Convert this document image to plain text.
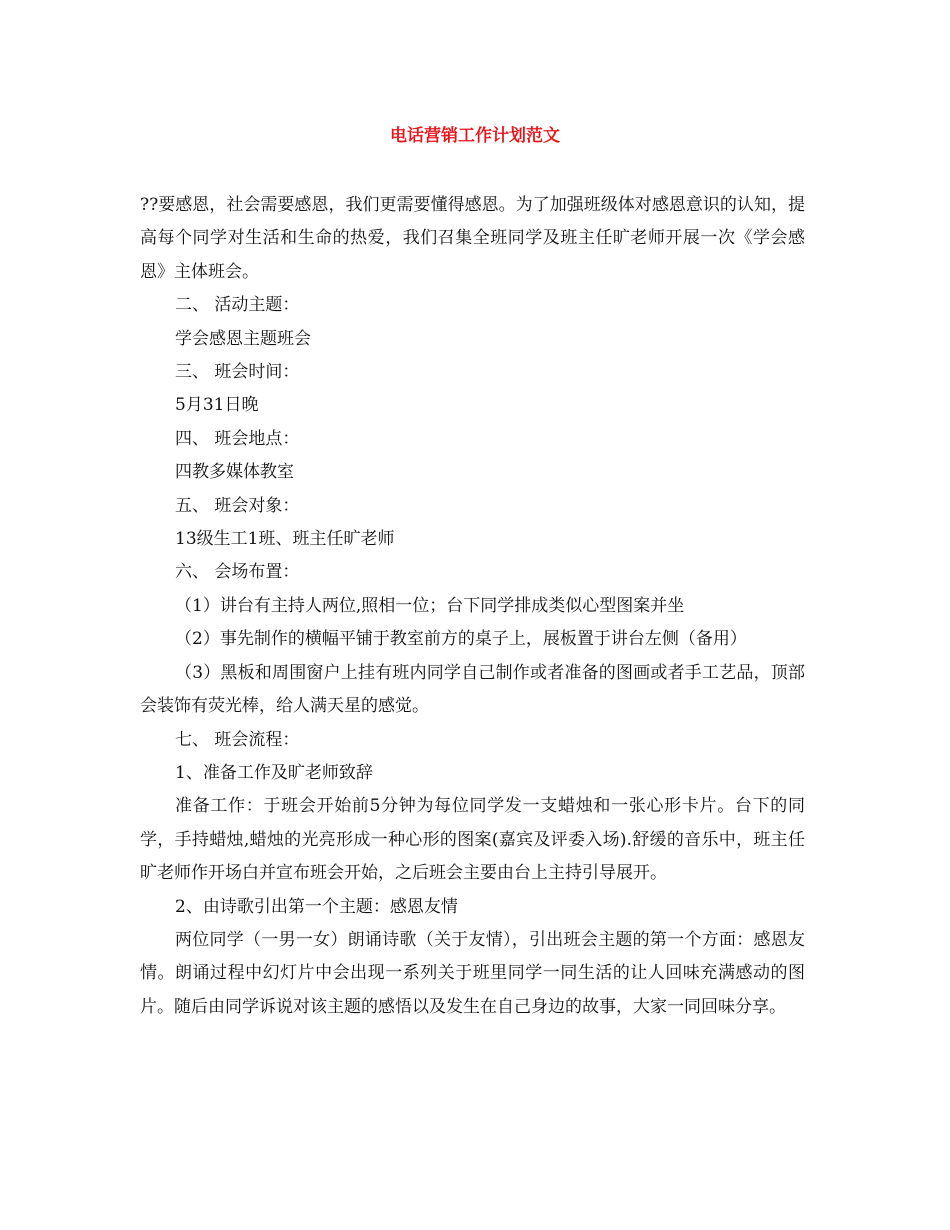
电话营销工作计划范文

??要感恩，社会需要感恩，我们更需要懂得感恩。为了加强班级体对感恩意识的认知，提高每个同学对生活和生命的热爱，我们召集全班同学及班主任旷老师开展一次《学会感恩》主体班会。

二、 活动主题：

学会感恩主题班会

三、 班会时间：

5月31日晚

四、 班会地点：

四教多媒体教室

五、 班会对象：

13级生工1班、班主任旷老师

六、 会场布置：

（1）讲台有主持人两位,照相一位；台下同学排成类似心型图案并坐

（2）事先制作的横幅平铺于教室前方的桌子上，展板置于讲台左侧（备用）

（3）黑板和周围窗户上挂有班内同学自己制作或者准备的图画或者手工艺品，顶部会装饰有荧光棒，给人满天星的感觉。

七、 班会流程：

1、准备工作及旷老师致辞

准备工作：于班会开始前5分钟为每位同学发一支蜡烛和一张心形卡片。台下的同学，手持蜡烛,蜡烛的光亮形成一种心形的图案(嘉宾及评委入场).舒缓的音乐中，班主任旷老师作开场白并宣布班会开始，之后班会主要由台上主持引导展开。

2、由诗歌引出第一个主题：感恩友情

两位同学（一男一女）朗诵诗歌（关于友情），引出班会主题的第一个方面：感恩友情。朗诵过程中幻灯片中会出现一系列关于班里同学一同生活的让人回味充满感动的图片。随后由同学诉说对该主题的感悟以及发生在自己身边的故事，大家一同回味分享。
